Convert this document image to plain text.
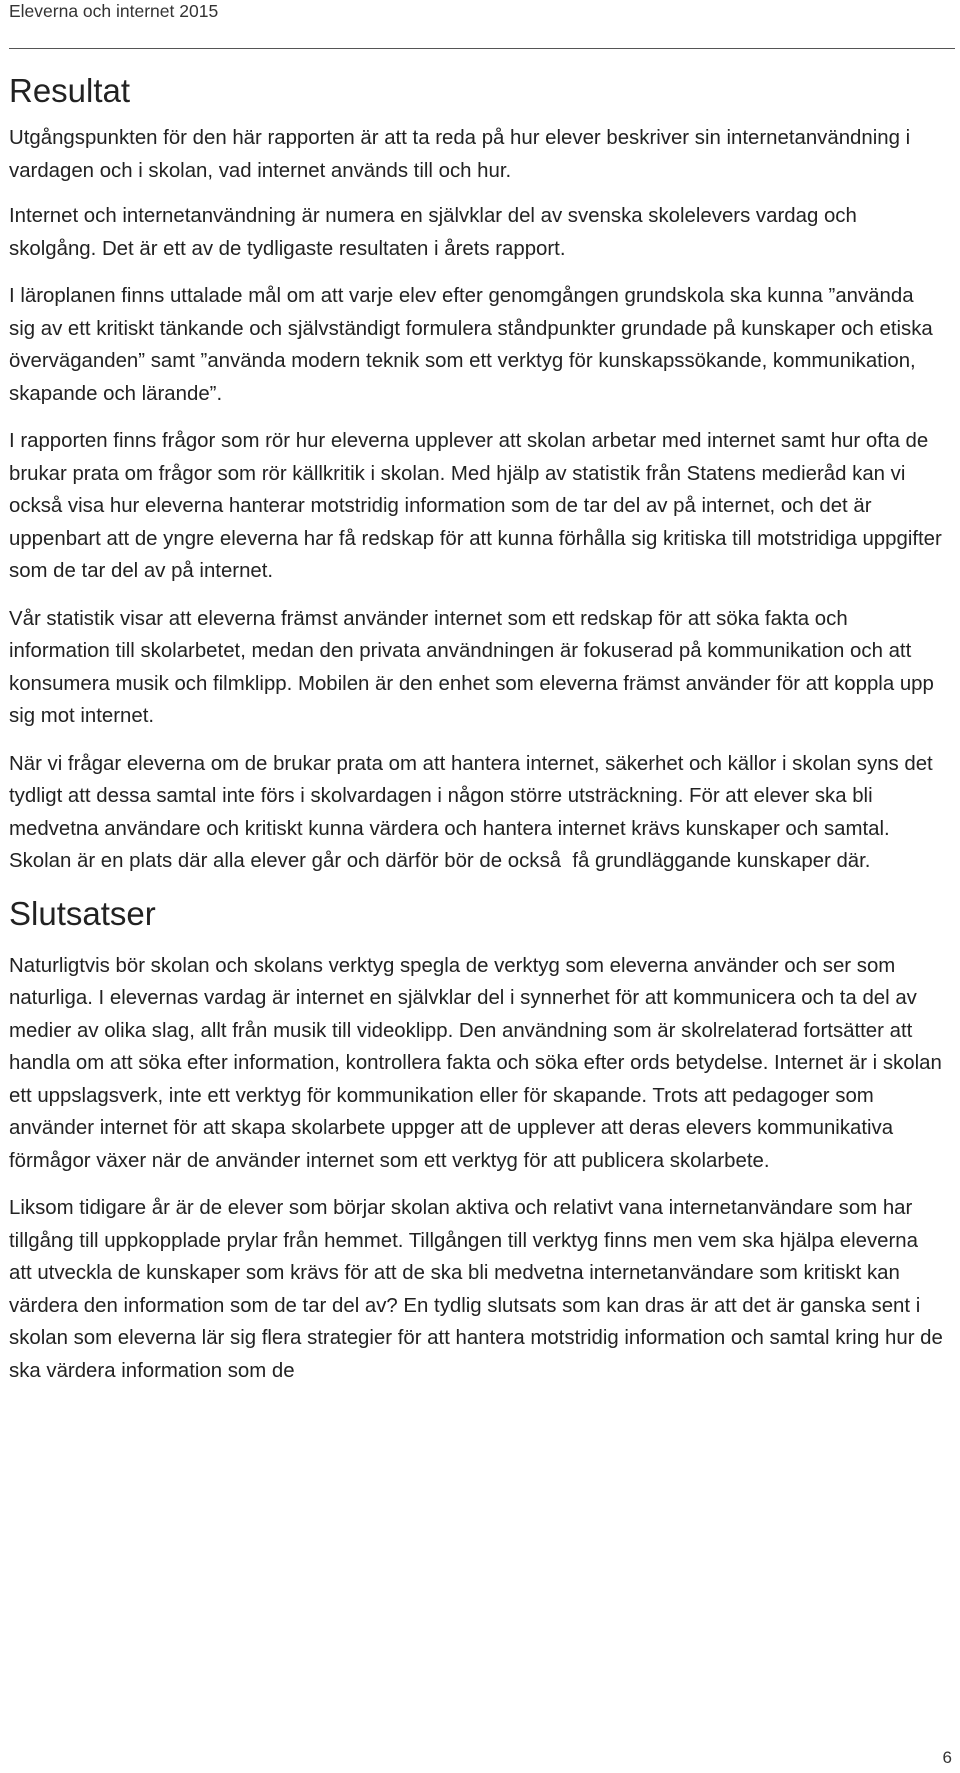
Eleverna och internet 2015
Resultat

Utgångspunkten för den här rapporten är att ta reda på hur elever beskriver sin internetanvändning i vardagen och i skolan, vad internet används till och hur.

Internet och internetanvändning är numera en självklar del av svenska skolelevers vardag och skolgång. Det är ett av de tydligaste resultaten i årets rapport.

I läroplanen finns uttalade mål om att varje elev efter genomgången grundskola ska kunna ”använda sig av ett kritiskt tänkande och självständigt formulera ståndpunkter grundade på kunskaper och etiska överväganden” samt ”använda modern teknik som ett verktyg för kunskapssökande, kommunikation, skapande och lärande”.

I rapporten finns frågor som rör hur eleverna upplever att skolan arbetar med internet samt hur ofta de brukar prata om frågor som rör källkritik i skolan. Med hjälp av statistik från Statens medieråd kan vi också visa hur eleverna hanterar motstridig information som de tar del av på internet, och det är uppenbart att de yngre eleverna har få redskap för att kunna förhålla sig kritiska till motstridiga uppgifter som de tar del av på internet.

Vår statistik visar att eleverna främst använder internet som ett redskap för att söka fakta och information till skolarbetet, medan den privata användningen är fokuserad på kommunikation och att konsumera musik och filmklipp. Mobilen är den enhet som eleverna främst använder för att koppla upp sig mot internet.

När vi frågar eleverna om de brukar prata om att hantera internet, säkerhet och källor i skolan syns det tydligt att dessa samtal inte förs i skolvardagen i någon större utsträckning. För att elever ska bli medvetna användare och kritiskt kunna värdera och hantera internet krävs kunskaper och samtal. Skolan är en plats där alla elever går och därför bör de också  få grundläggande kunskaper där.

Slutsatser

Naturligtvis bör skolan och skolans verktyg spegla de verktyg som eleverna använder och ser som naturliga. I elevernas vardag är internet en självklar del i synnerhet för att kommunicera och ta del av medier av olika slag, allt från musik till videoklipp. Den användning som är skolrelaterad fortsätter att handla om att söka efter information, kontrollera fakta och söka efter ords betydelse. Internet är i skolan ett uppslagsverk, inte ett verktyg för kommunikation eller för skapande. Trots att pedagoger som använder internet för att skapa skolarbete uppger att de upplever att deras elevers kommunikativa förmågor växer när de använder internet som ett verktyg för att publicera skolarbete.

Liksom tidigare år är de elever som börjar skolan aktiva och relativt vana internetanvändare som har tillgång till uppkopplade prylar från hemmet. Tillgången till verktyg finns men vem ska hjälpa eleverna att utveckla de kunskaper som krävs för att de ska bli medvetna internetanvändare som kritiskt kan värdera den information som de tar del av? En tydlig slutsats som kan dras är att det är ganska sent i skolan som eleverna lär sig flera strategier för att hantera motstridig information och samtal kring hur de ska värdera information som de

6
